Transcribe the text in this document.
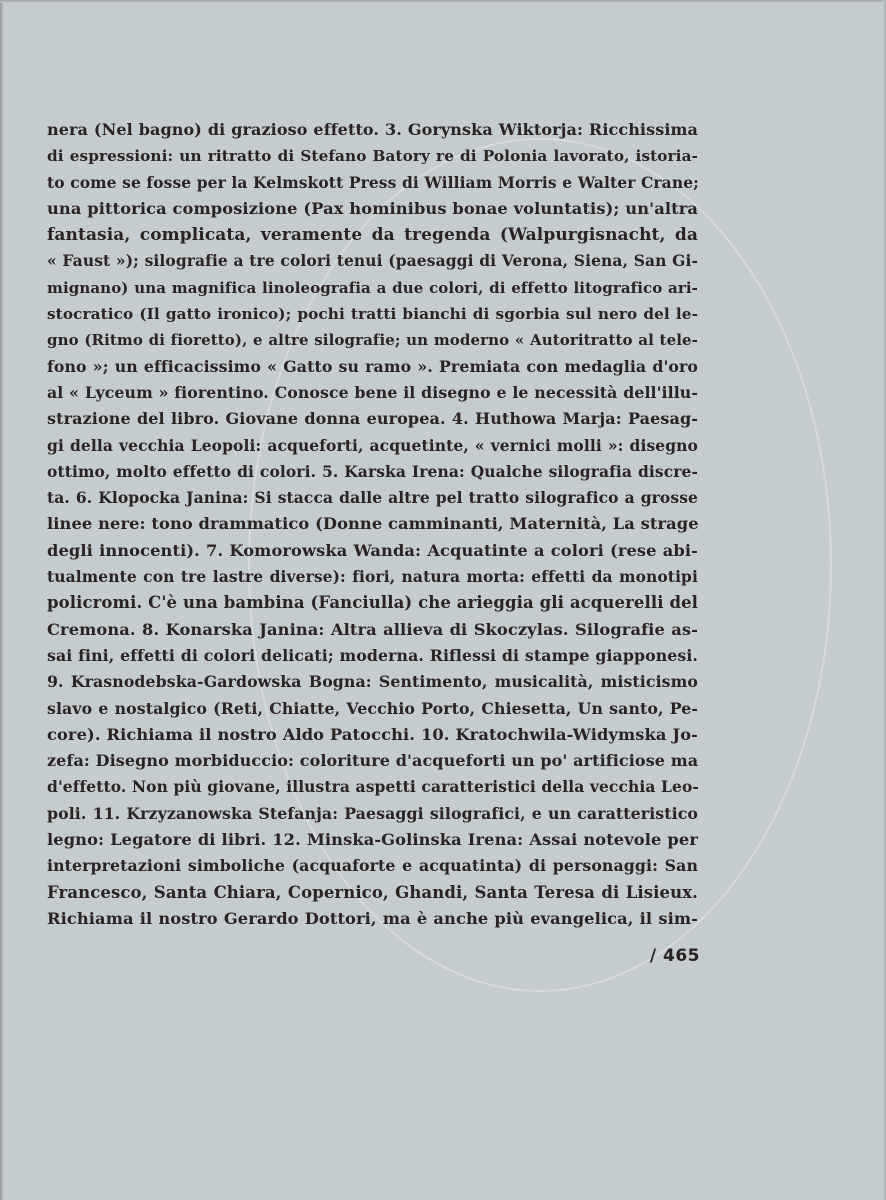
nera (Nel bagno) di grazioso effetto. 3. Gorynska Wiktorja: Ricchissima
di espressioni: un ritratto di Stefano Batory re di Polonia lavorato, istoria-
to come se fosse per la Kelmskott Press di William Morris e Walter Crane;
una pittorica composizione (Pax hominibus bonae voluntatis); un'altra
fantasia, complicata, veramente da tregenda (Walpurgisnacht, da
« Faust »); silografie a tre colori tenui (paesaggi di Verona, Siena, San Gi-
mignano) una magnifica linoleografia a due colori, di effetto litografico ari-
stocratico (Il gatto ironico); pochi tratti bianchi di sgorbia sul nero del le-
gno (Ritmo di fioretto), e altre silografie; un moderno « Autoritratto al tele-
fono »; un efficacissimo « Gatto su ramo ». Premiata con medaglia d'oro
al « Lyceum » fiorentino. Conosce bene il disegno e le necessità dell'illu-
strazione del libro. Giovane donna europea. 4. Huthowa Marja: Paesag-
gi della vecchia Leopoli: acqueforti, acquetinte, « vernici molli »: disegno
ottimo, molto effetto di colori. 5. Karska Irena: Qualche silografia discre-
ta. 6. Klopocka Janina: Si stacca dalle altre pel tratto silografico a grosse
linee nere: tono drammatico (Donne camminanti, Maternità, La strage
degli innocenti). 7. Komorowska Wanda: Acquatinte a colori (rese abi-
tualmente con tre lastre diverse): fiori, natura morta: effetti da monotipi
policromi. C'è una bambina (Fanciulla) che arieggia gli acquerelli del
Cremona. 8. Konarska Janina: Altra allieva di Skoczylas. Silografie as-
sai fini, effetti di colori delicati; moderna. Riflessi di stampe giapponesi.
9. Krasnodebska-Gardowska Bogna: Sentimento, musicalità, misticismo
slavo e nostalgico (Reti, Chiatte, Vecchio Porto, Chiesetta, Un santo, Pe-
core). Richiama il nostro Aldo Patocchi. 10. Kratochwila-Widymska Jo-
zefa: Disegno morbiduccio: coloriture d'acqueforti un po' artificiose ma
d'effetto. Non più giovane, illustra aspetti caratteristici della vecchia Leo-
poli. 11. Krzyzanowska Stefanja: Paesaggi silografici, e un caratteristico
legno: Legatore di libri. 12. Minska-Golinska Irena: Assai notevole per
interpretazioni simboliche (acquaforte e acquatinta) di personaggi: San
Francesco, Santa Chiara, Copernico, Ghandi, Santa Teresa di Lisieux.
Richiama il nostro Gerardo Dottori, ma è anche più evangelica, il sim-
/ 465
